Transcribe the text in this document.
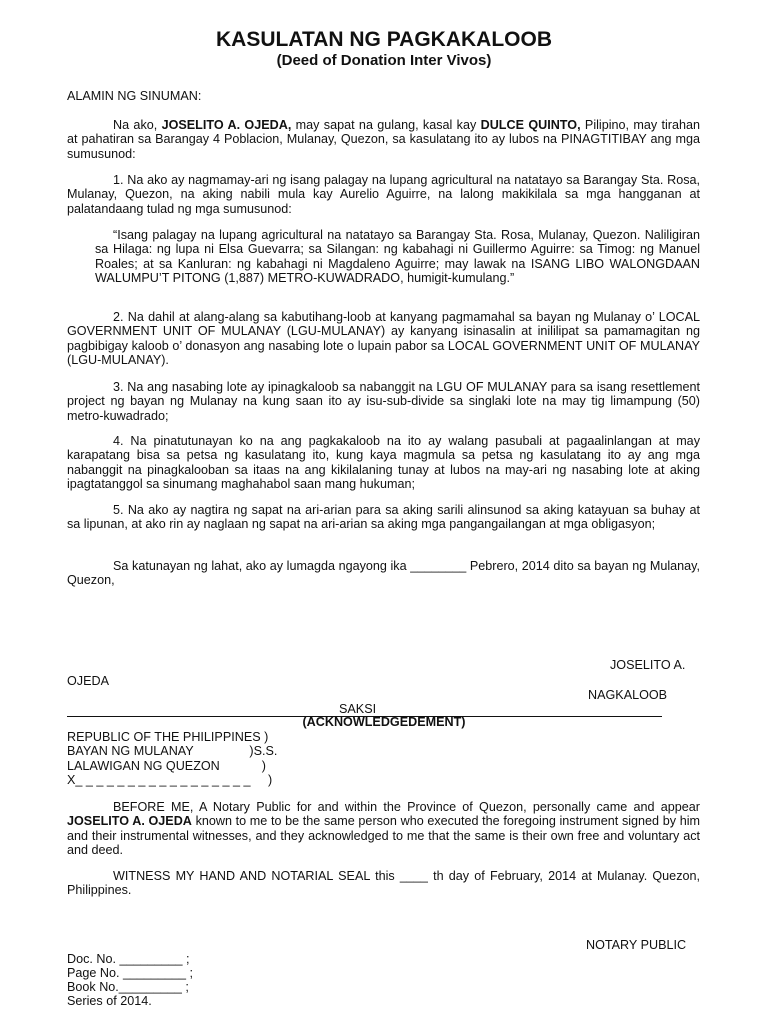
KASULATAN NG PAGKAKALOOB
(Deed of Donation Inter Vivos)
ALAMIN NG SINUMAN:

Na ako, JOSELITO A. OJEDA, may sapat na gulang, kasal kay DULCE QUINTO, Pilipino, may tirahan at pahatiran sa Barangay 4 Poblacion, Mulanay, Quezon, sa kasulatang ito ay lubos na PINAGTITIBAY ang mga sumusunod:

1. Na ako ay nagmamay-ari ng isang palagay na lupang agricultural na natatayo sa Barangay Sta. Rosa, Mulanay, Quezon, na aking nabili mula kay Aurelio Aguirre, na lalong makikilala sa mga hangganan at palatandaang tulad ng mga sumusunod:

“Isang palagay na lupang agricultural na natatayo sa Barangay Sta. Rosa, Mulanay, Quezon. Naliligiran sa Hilaga: ng lupa ni Elsa Guevarra; sa Silangan: ng kabahagi ni Guillermo Aguirre: sa Timog: ng Manuel Roales; at sa Kanluran: ng kabahagi ni Magdaleno Aguirre; may lawak na ISANG LIBO WALONGDAAN WALUMPU’T PITONG (1,887) METRO-KUWADRADO, humigit-kumulang.”

2. Na dahil at alang-alang sa kabutihang-loob at kanyang pagmamahal sa bayan ng Mulanay o’ LOCAL GOVERNMENT UNIT OF MULANAY (LGU-MULANAY) ay kanyang isinasalin at inililipat sa pamamagitan ng pagbibigay kaloob o’ donasyon ang nasabing lote o lupain pabor sa LOCAL GOVERNMENT UNIT OF MULANAY (LGU-MULANAY).

3. Na ang nasabing lote ay ipinagkaloob sa nabanggit na LGU OF MULANAY para sa isang resettlement project ng bayan ng Mulanay na kung saan ito ay isu-sub-divide sa singlaki lote na may tig limampung (50) metro-kuwadrado;

4. Na pinatutunayan ko na ang pagkakaloob na ito ay walang pasubali at pagaalinlangan at may karapatang bisa sa petsa ng kasulatang ito, kung kaya magmula sa petsa ng kasulatang ito ay ang mga nabanggit na pinagkalooban sa itaas na ang kikilalaning tunay at lubos na may-ari ng nasabing lote at aking ipagtatanggol sa sinumang maghahabol saan mang hukuman;

5. Na ako ay nagtira ng sapat na ari-arian para sa aking sarili alinsunod sa aking katayuan sa buhay at sa lipunan, at ako rin ay naglaan ng sapat na ari-arian sa aking mga pangangailangan at mga obligasyon;

Sa katunayan ng lahat, ako ay lumagda ngayong ika ________ Pebrero, 2014 dito sa bayan ng Mulanay, Quezon,

JOSELITO A.
OJEDA
NAGKALOOB
SAKSI
(ACKNOWLEDGEDEMENT)
REPUBLIC OF THE PHILIPPINES )
BAYAN NG MULANAY                )S.S.
LALAWIGAN NG QUEZON            )
X_ _ _ _ _ _ _ _ _ _ _ _ _ _ _ _ _     )

BEFORE ME, A Notary Public for and within the Province of Quezon, personally came and appear JOSELITO A. OJEDA known to me to be the same person who executed the foregoing instrument signed by him and their instrumental witnesses, and they acknowledged to me that the same is their own free and voluntary act and deed.

WITNESS MY HAND AND NOTARIAL SEAL this ____ th day of February, 2014 at Mulanay. Quezon, Philippines.

NOTARY PUBLIC
Doc. No. _________ ;
Page No. _________ ;
Book No._________ ;
Series of 2014.
